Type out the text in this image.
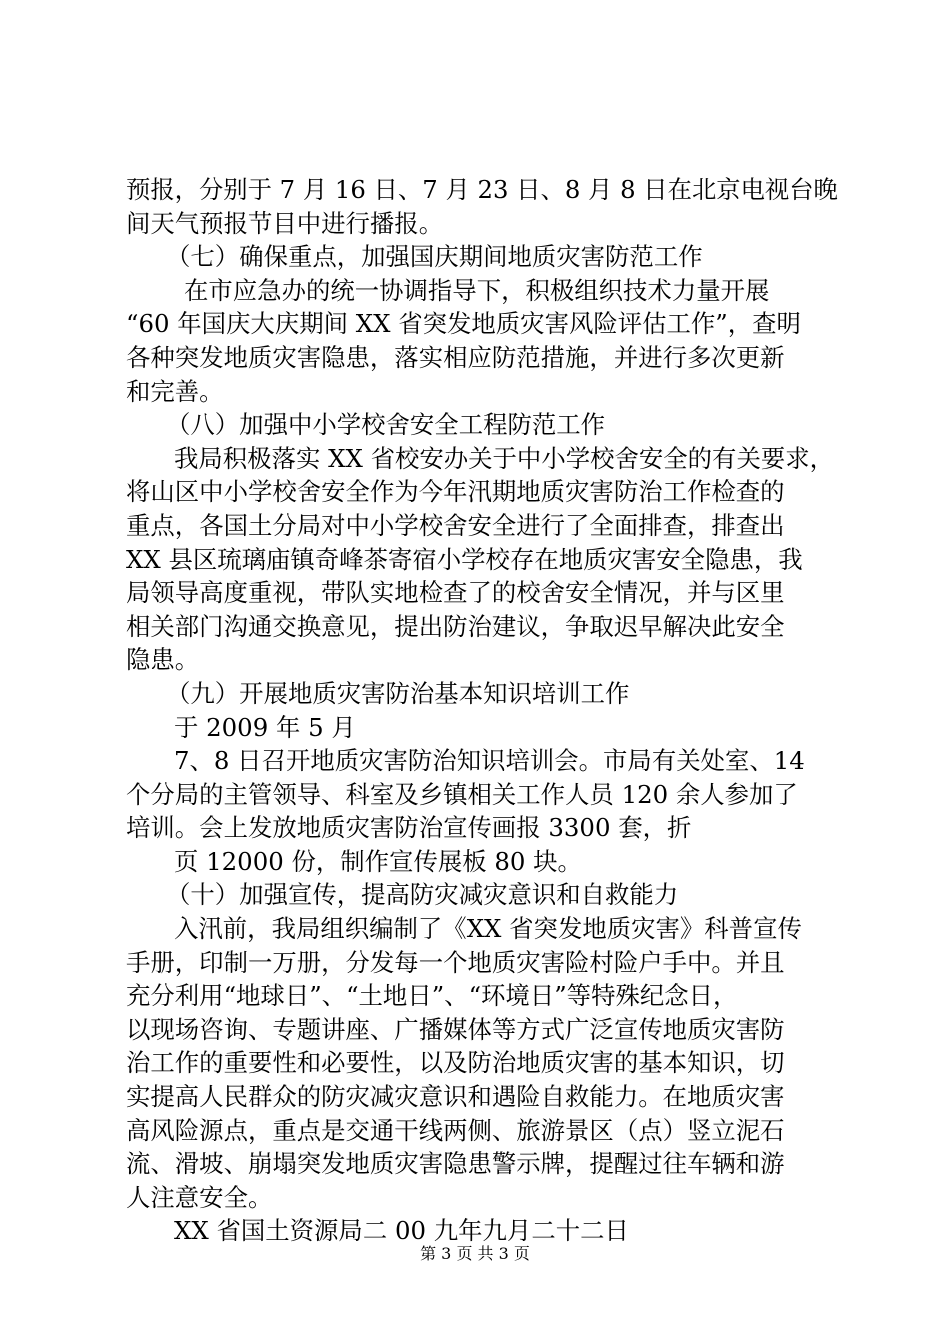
预报，分别于 7 月 16 日、7 月 23 日、8 月 8 日在北京电视台晚
间天气预报节目中进行播报。
（七）确保重点，加强国庆期间地质灾害防范工作
在市应急办的统一协调指导下，积极组织技术力量开展
“60 年国庆大庆期间 XX 省突发地质灾害风险评估工作”，查明
各种突发地质灾害隐患，落实相应防范措施，并进行多次更新
和完善。
（八）加强中小学校舍安全工程防范工作
我局积极落实 XX 省校安办关于中小学校舍安全的有关要求，
将山区中小学校舍安全作为今年汛期地质灾害防治工作检查的
重点，各国土分局对中小学校舍安全进行了全面排查，排查出
XX 县区琉璃庙镇奇峰茶寄宿小学校存在地质灾害安全隐患，我
局领导高度重视，带队实地检查了的校舍安全情况，并与区里
相关部门沟通交换意见，提出防治建议，争取迟早解决此安全
隐患。
（九）开展地质灾害防治基本知识培训工作
于 2009 年 5 月
7、8 日召开地质灾害防治知识培训会。市局有关处室、14
个分局的主管领导、科室及乡镇相关工作人员 120 余人参加了
培训。会上发放地质灾害防治宣传画报 3300 套，折
页 12000 份，制作宣传展板 80 块。
（十）加强宣传，提高防灾减灾意识和自救能力
入汛前，我局组织编制了《XX 省突发地质灾害》科普宣传
手册，印制一万册，分发每一个地质灾害险村险户手中。并且
充分利用“地球日”、“土地日”、“环境日”等特殊纪念日，
以现场咨询、专题讲座、广播媒体等方式广泛宣传地质灾害防
治工作的重要性和必要性，以及防治地质灾害的基本知识，切
实提高人民群众的防灾减灾意识和遇险自救能力。在地质灾害
高风险源点，重点是交通干线两侧、旅游景区（点）竖立泥石
流、滑坡、崩塌突发地质灾害隐患警示牌，提醒过往车辆和游
人注意安全。
XX 省国土资源局二 00 九年九月二十二日
第 3 页 共 3 页
